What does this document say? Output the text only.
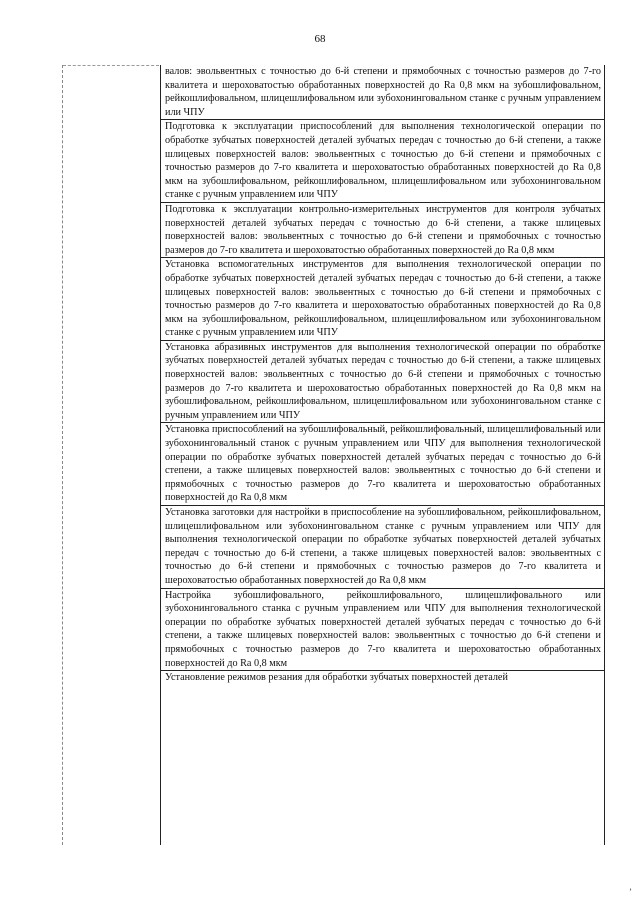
68
валов: эвольвентных с точностью до 6-й степени и прямобочных с точностью размеров до 7-го квалитета и шероховатостью обработанных поверхностей до Ra 0,8 мкм на зубошлифовальном, рейкошлифовальном, шлицешлифовальном или зубохонинговальном станке с ручным управлением или ЧПУ
Подготовка к эксплуатации приспособлений для выполнения технологической операции по обработке зубчатых поверхностей деталей зубчатых передач с точностью до 6-й степени, а также шлицевых поверхностей валов: эвольвентных с точностью до 6-й степени и прямобочных с точностью размеров до 7-го квалитета и шероховатостью обработанных поверхностей до Ra 0,8 мкм на зубошлифовальном, рейкошлифовальном, шлицешлифовальном или зубохонинговальном станке с ручным управлением или ЧПУ
Подготовка к эксплуатации контрольно-измерительных инструментов для контроля зубчатых поверхностей деталей зубчатых передач с точностью до 6-й степени, а также шлицевых поверхностей валов: эвольвентных с точностью до 6-й степени и прямобочных с точностью размеров до 7-го квалитета и шероховатостью обработанных поверхностей до Ra 0,8 мкм
Установка вспомогательных инструментов для выполнения технологической операции по обработке зубчатых поверхностей деталей зубчатых передач с точностью до 6-й степени, а также шлицевых поверхностей валов: эвольвентных с точностью до 6-й степени и прямобочных с точностью размеров до 7-го квалитета и шероховатостью обработанных поверхностей до Ra 0,8 мкм на зубошлифовальном, рейкошлифовальном, шлицешлифовальном или зубохонинговальном станке с ручным управлением или ЧПУ
Установка абразивных инструментов для выполнения технологической операции по обработке зубчатых поверхностей деталей зубчатых передач с точностью до 6-й степени, а также шлицевых поверхностей валов: эвольвентных с точностью до 6-й степени и прямобочных с точностью размеров до 7-го квалитета и шероховатостью обработанных поверхностей до Ra 0,8 мкм на зубошлифовальном, рейкошлифовальном, шлицешлифовальном или зубохонинговальном станке с ручным управлением или ЧПУ
Установка приспособлений на зубошлифовальный, рейкошлифовальный, шлицешлифовальный или зубохонинговальный станок с ручным управлением или ЧПУ для выполнения технологической операции по обработке зубчатых поверхностей деталей зубчатых передач с точностью до 6-й степени, а также шлицевых поверхностей валов: эвольвентных с точностью до 6-й степени и прямобочных с точностью размеров до 7-го квалитета и шероховатостью обработанных поверхностей до Ra 0,8 мкм
Установка заготовки для настройки в приспособление на зубошлифовальном, рейкошлифовальном, шлицешлифовальном или зубохонинговальном станке с ручным управлением или ЧПУ для выполнения технологической операции по обработке зубчатых поверхностей деталей зубчатых передач с точностью до 6-й степени, а также шлицевых поверхностей валов: эвольвентных с точностью до 6-й степени и прямобочных с точностью размеров до 7-го квалитета и шероховатостью обработанных поверхностей до Ra 0,8 мкм
Настройка зубошлифовального, рейкошлифовального, шлицешлифовального или зубохонинговального станка с ручным управлением или ЧПУ для выполнения технологической операции по обработке зубчатых поверхностей деталей зубчатых передач с точностью до 6-й степени, а также шлицевых поверхностей валов: эвольвентных с точностью до 6-й степени и прямобочных с точностью размеров до 7-го квалитета и шероховатостью обработанных поверхностей до Ra 0,8 мкм
Установление режимов резания для обработки зубчатых поверхностей деталей
ʼ
